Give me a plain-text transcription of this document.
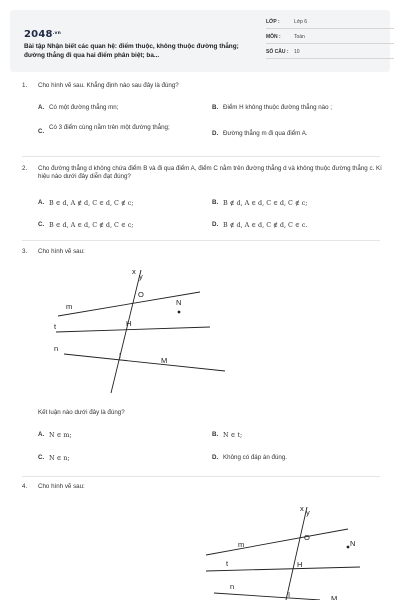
2048.vn
Bài tập Nhận biết các quan hệ: điểm thuộc, không thuộc đường thẳng; đường thẳng đi qua hai điểm phân biệt; ba...
LỚP :	Lớp 6
MÔN :	Toán
SỐ CÂU : 10
1. Cho hình vẽ sau. Khẳng định nào sau đây là đúng?
A. Có một đường thẳng mn;	B. Điểm H không thuộc đường thẳng nào ;
C.
Có 3 điểm cùng nằm trên một đường thẳng;
D. Đường thẳng m đi qua điểm A.
2. Cho đường thẳng d không chứa điểm B và đi qua điểm A, điểm C nằm trên đường thẳng d và không thuộc đường thẳng c. Kí hiệu nào dưới đây diễn đạt đúng?
A. B ∈ d, A ∉ d, C ∈ d, C ∉ c;	B. B ∉ d, A ∈ d, C ∈ d, C ∉ c;
C. B ∈ d, A ∈ d, C ∉ d, C ∈ c;	D. B ∉ d, A ∈ d, C ∉ d, C ∈ c.
3. Cho hình vẽ sau:
x
y
m
t
n
O
N
H
I
M
Kết luận nào dưới đây là đúng?
A. N ∈ m;	B. N ∈ t;
C. N ∈ n;	D. Không có đáp án đúng.
4. Cho hình vẽ sau:
x y
m
t
n
O
N
H
I	M
